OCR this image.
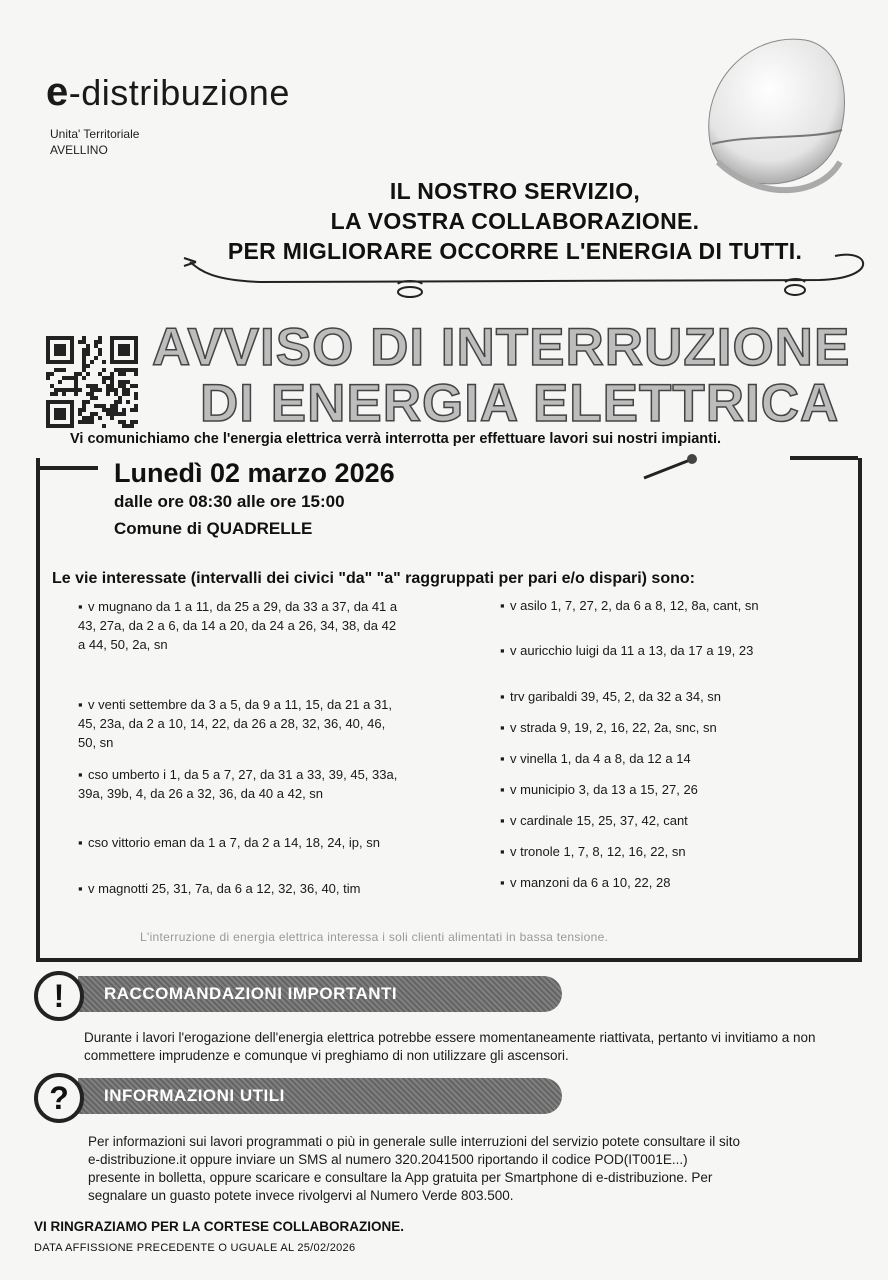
e-distribuzione
Unita' Territoriale
AVELLINO
IL NOSTRO SERVIZIO,
LA VOSTRA COLLABORAZIONE.
PER MIGLIORARE OCCORRE L'ENERGIA DI TUTTI.
AVVISO DI INTERRUZIONE
DI ENERGIA ELETTRICA
Vi comunichiamo che l'energia elettrica verrà interrotta per effettuare lavori sui nostri impianti.
Lunedì 02 marzo 2026
dalle ore 08:30 alle ore 15:00
Comune di QUADRELLE
Le vie interessate (intervalli dei civici "da" "a" raggruppati per pari e/o dispari) sono:
▪ v mugnano da 1 a 11, da 25 a 29, da 33 a 37, da 41 a 43, 27a, da 2 a 6, da 14 a 20, da 24 a 26, 34, 38, da 42 a 44, 50, 2a, sn
▪ v venti settembre da 3 a 5, da 9 a 11, 15, da 21 a 31, 45, 23a, da 2 a 10, 14, 22, da 26 a 28, 32, 36, 40, 46, 50, sn
▪ cso umberto i 1, da 5 a 7, 27, da 31 a 33, 39, 45, 33a, 39a, 39b, 4, da 26 a 32, 36, da 40 a 42, sn
▪ cso vittorio eman da 1 a 7, da 2 a 14, 18, 24, ip, sn
▪ v magnotti 25, 31, 7a, da 6 a 12, 32, 36, 40, tim
▪ v asilo 1, 7, 27, 2, da 6 a 8, 12, 8a, cant, sn
▪ v auricchio luigi da 11 a 13, da 17 a 19, 23
▪ trv garibaldi 39, 45, 2, da 32 a 34, sn
▪ v strada 9, 19, 2, 16, 22, 2a, snc, sn
▪ v vinella 1, da 4 a 8, da 12 a 14
▪ v municipio 3, da 13 a 15, 27, 26
▪ v cardinale 15, 25, 37, 42, cant
▪ v tronole 1, 7, 8, 12, 16, 22, sn
▪ v manzoni da 6 a 10, 22, 28
L'interruzione di energia elettrica interessa i soli clienti alimentati in bassa tensione.
RACCOMANDAZIONI IMPORTANTI
!
Durante i lavori l'erogazione dell'energia elettrica potrebbe essere momentaneamente riattivata, pertanto vi invitiamo a non commettere imprudenze e comunque vi preghiamo di non utilizzare gli ascensori.
INFORMAZIONI UTILI
?
Per informazioni sui lavori programmati o più in generale sulle interruzioni del servizio potete consultare il sito
e-distribuzione.it oppure inviare un SMS al numero 320.2041500 riportando il codice POD(IT001E...)
presente in bolletta, oppure scaricare e consultare la App gratuita per Smartphone di e-distribuzione. Per
segnalare un guasto potete invece rivolgervi al Numero Verde 803.500.
VI RINGRAZIAMO PER LA CORTESE COLLABORAZIONE.
DATA AFFISSIONE PRECEDENTE O UGUALE AL 25/02/2026
